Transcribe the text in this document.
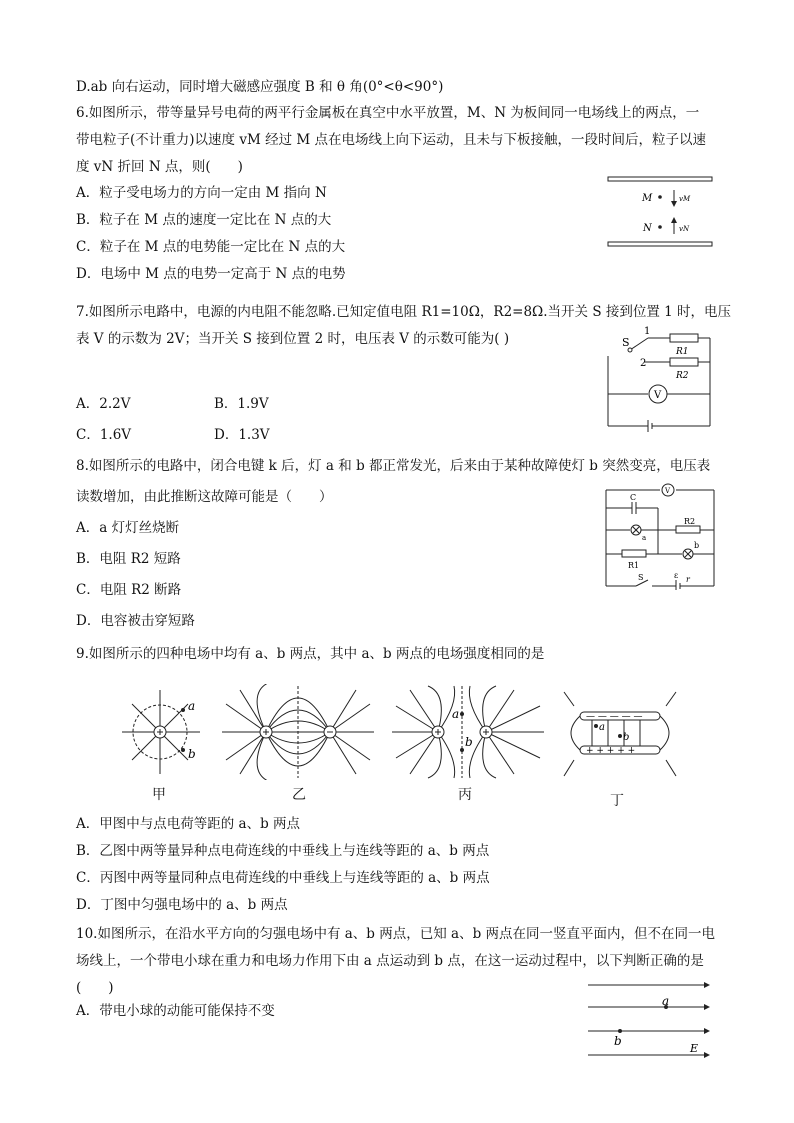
D.ab 向右运动，同时增大磁感应强度 B 和 θ 角(0°<θ<90°)
6.如图所示，带等量异号电荷的两平行金属板在真空中水平放置，M、N 为板间同一电场线上的两点，一
带电粒子(不计重力)以速度 vM 经过 M 点在电场线上向下运动，且未与下板接触，一段时间后，粒子以速
度 vN 折回 N 点，则(　　)
A．粒子受电场力的方向一定由 M 指向 N
B．粒子在 M 点的速度一定比在 N 点的大
C．粒子在 M 点的电势能一定比在 N 点的大
D．电场中 M 点的电势一定高于 N 点的电势
M
N
vM
vN
7.如图所示电路中，电源的内电阻不能忽略.已知定值电阻 R1=10Ω，R2=8Ω.当开关 S 接到位置 1 时，电压
表 V 的示数为 2V；当开关 S 接到位置 2 时，电压表 V 的示数可能为( )
A．2.2V	B．1.9V
C．1.6V	D．1.3V
S
1
2
R1
R2
V
8.如图所示的电路中，闭合电键 k 后，灯 a 和 b 都正常发光，后来由于某种故障使灯 b 突然变亮，电压表
读数增加，由此推断这故障可能是（　　）
A．a 灯灯丝烧断
B．电阻 R2 短路
C．电阻 R2 断路
D．电容被击穿短路
V
C
a
R2
R1
b
S	ε r
9.如图所示的四种电场中均有 a、b 两点，其中 a、b 两点的电场强度相同的是
a
b
a
b
— — — — —
+ + + + +
a
b
甲	乙	丙	丁
A．甲图中与点电荷等距的 a、b 两点
B．乙图中两等量异种点电荷连线的中垂线上与连线等距的 a、b 两点
C．丙图中两等量同种点电荷连线的中垂线上与连线等距的 a、b 两点
D．丁图中匀强电场中的 a、b 两点
10.如图所示，在沿水平方向的匀强电场中有 a、b 两点，已知 a、b 两点在同一竖直平面内，但不在同一电
场线上，一个带电小球在重力和电场力作用下由 a 点运动到 b 点，在这一运动过程中，以下判断正确的是
(　　)
A．带电小球的动能可能保持不变
a
b
E
